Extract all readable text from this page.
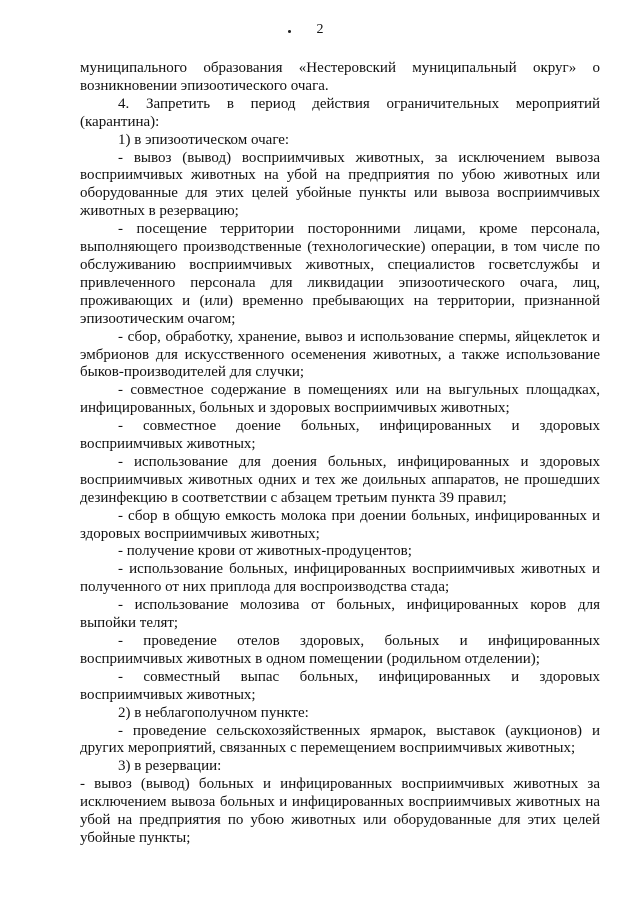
2

муниципального образования «Нестеровский муниципальный округ» о возникновении эпизоотического очага.

4. Запретить в период действия ограничительных мероприятий (карантина):

1) в эпизоотическом очаге:

- вывоз (вывод) восприимчивых животных, за исключением вывоза восприимчивых животных на убой на предприятия по убою животных или оборудованные для этих целей убойные пункты или вывоза восприимчивых животных в резервацию;

- посещение территории посторонними лицами, кроме персонала, выполняющего производственные (технологические) операции, в том числе по обслуживанию восприимчивых животных, специалистов госветслужбы и привлеченного персонала для ликвидации эпизоотического очага, лиц, проживающих и (или) временно пребывающих на территории, признанной эпизоотическим очагом;

- сбор, обработку, хранение, вывоз и использование спермы, яйцеклеток и эмбрионов для искусственного осеменения животных, а также использование быков-производителей для случки;

- совместное содержание в помещениях или на выгульных площадках, инфицированных, больных и здоровых восприимчивых животных;

- совместное доение больных, инфицированных и здоровых восприимчивых животных;

- использование для доения больных, инфицированных и здоровых восприимчивых животных одних и тех же доильных аппаратов, не прошедших дезинфекцию в соответствии с абзацем третьим пункта 39 правил;

- сбор в общую емкость молока при доении больных, инфицированных и здоровых восприимчивых животных;

- получение крови от животных-продуцентов;

- использование больных, инфицированных восприимчивых животных и полученного от них приплода для воспроизводства стада;

- использование молозива от больных, инфицированных коров для выпойки телят;

- проведение отелов здоровых, больных и инфицированных восприимчивых животных в одном помещении (родильном отделении);

- совместный выпас больных, инфицированных и здоровых восприимчивых животных;

2) в неблагополучном пункте:

- проведение сельскохозяйственных ярмарок, выставок (аукционов) и других мероприятий, связанных с перемещением восприимчивых животных;

3) в резервации:

- вывоз (вывод) больных и инфицированных восприимчивых животных за исключением вывоза больных и инфицированных восприимчивых животных на убой на предприятия по убою животных или оборудованные для этих целей убойные пункты;
